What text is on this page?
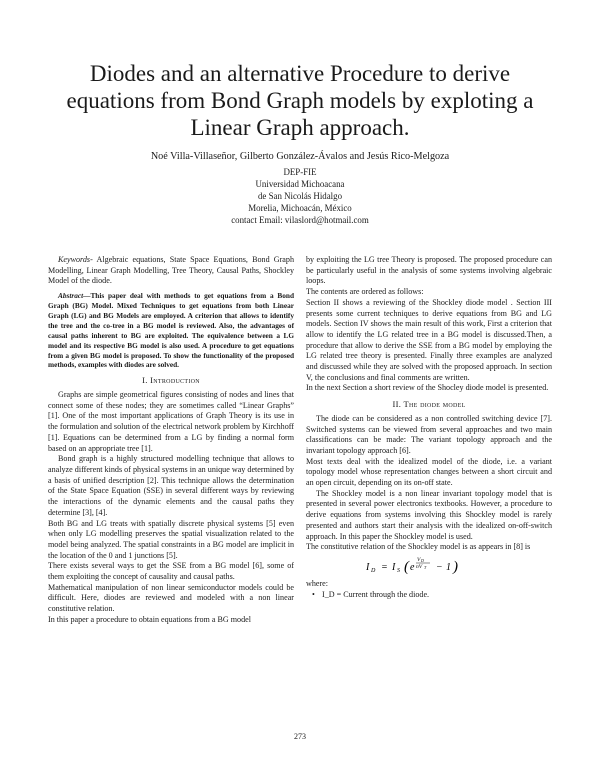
Diodes and an alternative Procedure to derive
equations from Bond Graph models by exploting a
Linear Graph approach.
Noé Villa-Villaseñor, Gilberto González-Ávalos and Jesús Rico-Melgoza
DEP-FIE
Universidad Michoacana
de San Nicolás Hidalgo
Morelia, Michoacán, México
contact Email: vilaslord@hotmail.com

Keywords- Algebraic equations, State Space Equations, Bond Graph Modelling, Linear Graph Modelling, Tree Theory, Causal Paths, Shockley Model of the diode.

Abstract—This paper deal with methods to get equations from a Bond Graph (BG) Model. Mixed Techniques to get equations from both Linear Graph (LG) and BG Models are employed. A criterion that allows to identify the tree and the co-tree in a BG model is reviewed. Also, the advantages of causal paths inherent to BG are exploited. The equivalence between a LG model and its respective BG model is also used. A procedure to get equations from a given BG model is proposed. To show the functionality of the proposed methods, examples with diodes are solved.

I. Introduction

Graphs are simple geometrical figures consisting of nodes and lines that connect some of these nodes; they are sometimes called “Linear Graphs” [1]. One of the most important applications of Graph Theory is its use in the formulation and solution of the electrical network problem by Kirchhoff [1]. Equations can be determined from a LG by finding a normal form based on an appropriate tree [1].

Bond graph is a highly structured modelling technique that allows to analyze different kinds of physical systems in an unique way determined by a basis of unified description [2]. This technique allows the determination of the State Space Equation (SSE) in several different ways by reviewing the interactions of the dynamic elements and the causal paths they determine [3], [4].

Both BG and LG treats with spatially discrete physical systems [5] even when only LG modelling preserves the spatial visualization related to the model being analyzed. The spatial constraints in a BG model are implicit in the location of the 0 and 1 junctions [5].

There exists several ways to get the SSE from a BG model [6], some of them exploiting the concept of causality and causal paths.

Mathematical manipulation of non linear semiconductor models could be difficult. Here, diodes are reviewed and modeled with a non linear constitutive relation.

In this paper a procedure to obtain equations from a BG model

by exploiting the LG tree Theory is proposed. The proposed procedure can be particularly useful in the analysis of some systems involving algebraic loops.

The contents are ordered as follows:

Section II shows a reviewing of the Shockley diode model . Section III presents some current techniques to derive equations from BG and LG models. Section IV shows the main result of this work, First a criterion that allow to identify the LG related tree in a BG model is discussed.Then, a procedure that allow to derive the SSE from a BG model by employing the LG related tree theory is presented. Finally three examples are analyzed and discussed while they are solved with the proposed approach. In section V, the conclusions and final comments are written.

In the next Section a short review of the Shocley diode model is presented.

II. The diode model

The diode can be considered as a non controlled switching device [7]. Switched systems can be viewed from several approaches and two main classifications can be made: The variant topology approach and the invariant topology approach [6].

Most texts deal with the idealized model of the diode, i.e. a variant topology model whose representation changes between a short circuit and an open circuit, depending on its on-off state.

The Shockley model is a non linear invariant topology model that is presented in several power electronics textbooks. However, a procedure to derive equations from systems involving this Shockley model is rarely presented and authors start their analysis with the idealized on-off-switch approach. In this paper the Shockley model is used.

The constitutive relation of the Shockley model is as appears in [8] is

I D = I S ( e
V D
nV T − 1 )

where:

• I_D = Current through the diode.

273
